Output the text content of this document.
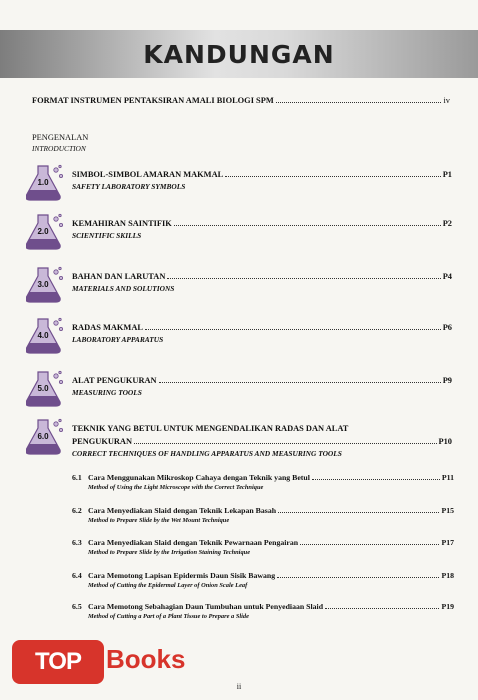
KANDUNGAN
FORMAT INSTRUMEN PENTAKSIRAN AMALI BIOLOGI SPM	iv
PENGENALAN
INTRODUCTION
1.0
SIMBOL-SIMBOL AMARAN MAKMAL	P1
SAFETY LABORATORY SYMBOLS
2.0
KEMAHIRAN SAINTIFIK	P2
SCIENTIFIC SKILLS
3.0
BAHAN DAN LARUTAN	P4
MATERIALS AND SOLUTIONS
4.0
RADAS MAKMAL	P6
LABORATORY APPARATUS
5.0
ALAT PENGUKURAN	P9
MEASURING TOOLS
6.0
TEKNIK YANG BETUL UNTUK MENGENDALIKAN RADAS DAN ALAT
PENGUKURAN	P10
CORRECT TECHNIQUES OF HANDLING APPARATUS AND MEASURING TOOLS
6.1 Cara Menggunakan Mikroskop Cahaya dengan Teknik yang Betul	P11
Method of Using the Light Microscope with the Correct Technique
6.2 Cara Menyediakan Slaid dengan Teknik Lekapan Basah	P15
Method to Prepare Slide by the Wet Mount Technique
6.3 Cara Menyediakan Slaid dengan Teknik Pewarnaan Pengairan	P17
Method to Prepare Slide by the Irrigation Staining Technique
6.4 Cara Memotong Lapisan Epidermis Daun Sisik Bawang	P18
Method of Cutting the Epidermal Layer of Onion Scale Leaf
6.5 Cara Memotong Sebahagian Daun Tumbuhan untuk Penyediaan Slaid	P19
Method of Cutting a Part of a Plant Tissue to Prepare a Slide
TOP Books
ii
